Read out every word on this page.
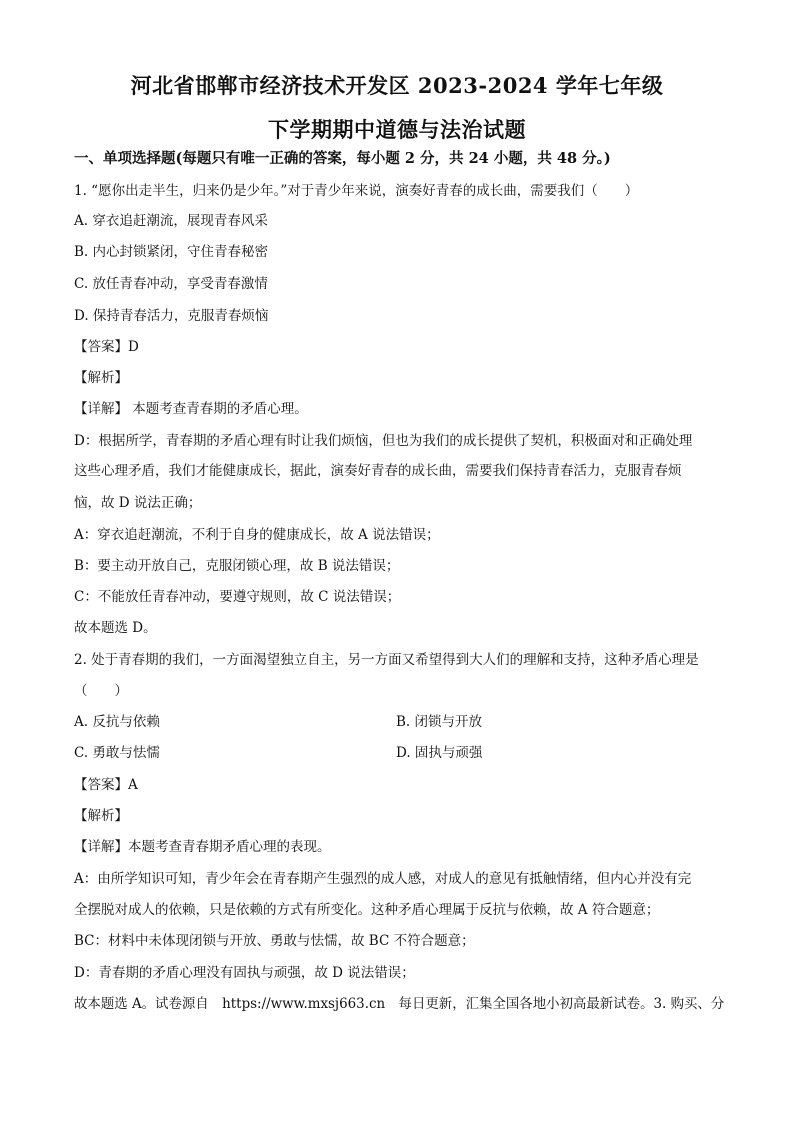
河北省邯郸市经济技术开发区 2023-2024 学年七年级
下学期期中道德与法治试题
一、单项选择题(每题只有唯一正确的答案，每小题 2 分，共 24 小题，共 48 分。)
1. “愿你出走半生，归来仍是少年。”对于青少年来说，演奏好青春的成长曲，需要我们（　　）
A. 穿衣追赶潮流，展现青春风采
B. 内心封锁紧闭，守住青春秘密
C. 放任青春冲动，享受青春激情
D. 保持青春活力，克服青春烦恼
【答案】D
【解析】
【详解】 本题考查青春期的矛盾心理。
D：根据所学，青春期的矛盾心理有时让我们烦恼，但也为我们的成长提供了契机，积极面对和正确处理
这些心理矛盾，我们才能健康成长，据此，演奏好青春的成长曲，需要我们保持青春活力，克服青春烦
恼，故 D 说法正确；
A：穿衣追赶潮流，不利于自身的健康成长，故 A 说法错误；
B：要主动开放自己，克服闭锁心理，故 B 说法错误；
C：不能放任青春冲动，要遵守规则，故 C 说法错误；
故本题选 D。
2. 处于青春期的我们，一方面渴望独立自主，另一方面又希望得到大人们的理解和支持，这种矛盾心理是
（　　）
A. 反抗与依赖	B. 闭锁与开放
C. 勇敢与怯懦	D. 固执与顽强
【答案】A
【解析】
【详解】本题考查青春期矛盾心理的表现。
A：由所学知识可知，青少年会在青春期产生强烈的成人感，对成人的意见有抵触情绪，但内心并没有完
全摆脱对成人的依赖，只是依赖的方式有所变化。这种矛盾心理属于反抗与依赖，故 A 符合题意；
BC：材料中未体现闭锁与开放、勇敢与怯懦，故 BC 不符合题意；
D：青春期的矛盾心理没有固执与顽强，故 D 说法错误；
故本题选 A。试卷源自　https://www.mxsj663.cn　每日更新，汇集全国各地小初高最新试卷。3. 购买、分
